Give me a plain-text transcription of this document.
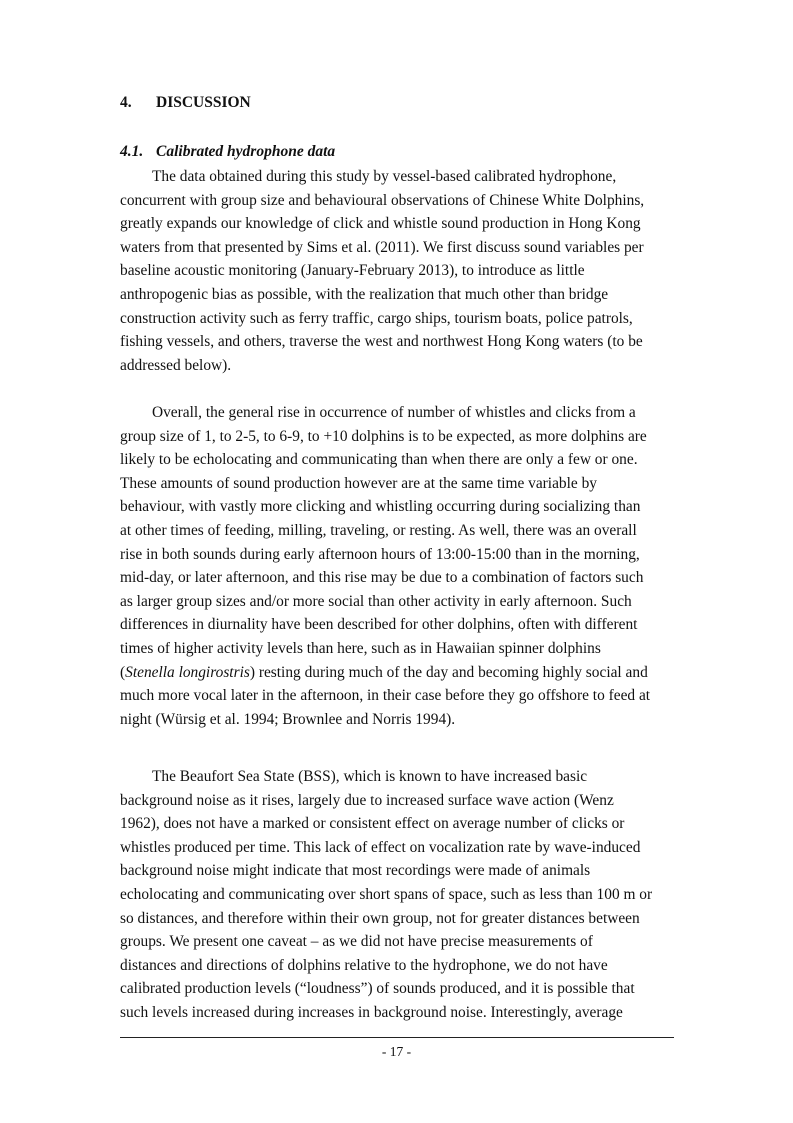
4. DISCUSSION
4.1. Calibrated hydrophone data
The data obtained during this study by vessel-based calibrated hydrophone,
concurrent with group size and behavioural observations of Chinese White Dolphins,
greatly expands our knowledge of click and whistle sound production in Hong Kong
waters from that presented by Sims et al. (2011). We first discuss sound variables per
baseline acoustic monitoring (January-February 2013), to introduce as little
anthropogenic bias as possible, with the realization that much other than bridge
construction activity such as ferry traffic, cargo ships, tourism boats, police patrols,
fishing vessels, and others, traverse the west and northwest Hong Kong waters (to be
addressed below).
Overall, the general rise in occurrence of number of whistles and clicks from a
group size of 1, to 2-5, to 6-9, to +10 dolphins is to be expected, as more dolphins are
likely to be echolocating and communicating than when there are only a few or one.
These amounts of sound production however are at the same time variable by
behaviour, with vastly more clicking and whistling occurring during socializing than
at other times of feeding, milling, traveling, or resting. As well, there was an overall
rise in both sounds during early afternoon hours of 13:00-15:00 than in the morning,
mid-day, or later afternoon, and this rise may be due to a combination of factors such
as larger group sizes and/or more social than other activity in early afternoon. Such
differences in diurnality have been described for other dolphins, often with different
times of higher activity levels than here, such as in Hawaiian spinner dolphins
(Stenella longirostris) resting during much of the day and becoming highly social and
much more vocal later in the afternoon, in their case before they go offshore to feed at
night (Würsig et al. 1994; Brownlee and Norris 1994).
The Beaufort Sea State (BSS), which is known to have increased basic
background noise as it rises, largely due to increased surface wave action (Wenz
1962), does not have a marked or consistent effect on average number of clicks or
whistles produced per time. This lack of effect on vocalization rate by wave-induced
background noise might indicate that most recordings were made of animals
echolocating and communicating over short spans of space, such as less than 100 m or
so distances, and therefore within their own group, not for greater distances between
groups. We present one caveat – as we did not have precise measurements of
distances and directions of dolphins relative to the hydrophone, we do not have
calibrated production levels (“loudness”) of sounds produced, and it is possible that
such levels increased during increases in background noise. Interestingly, average
- 17 -
